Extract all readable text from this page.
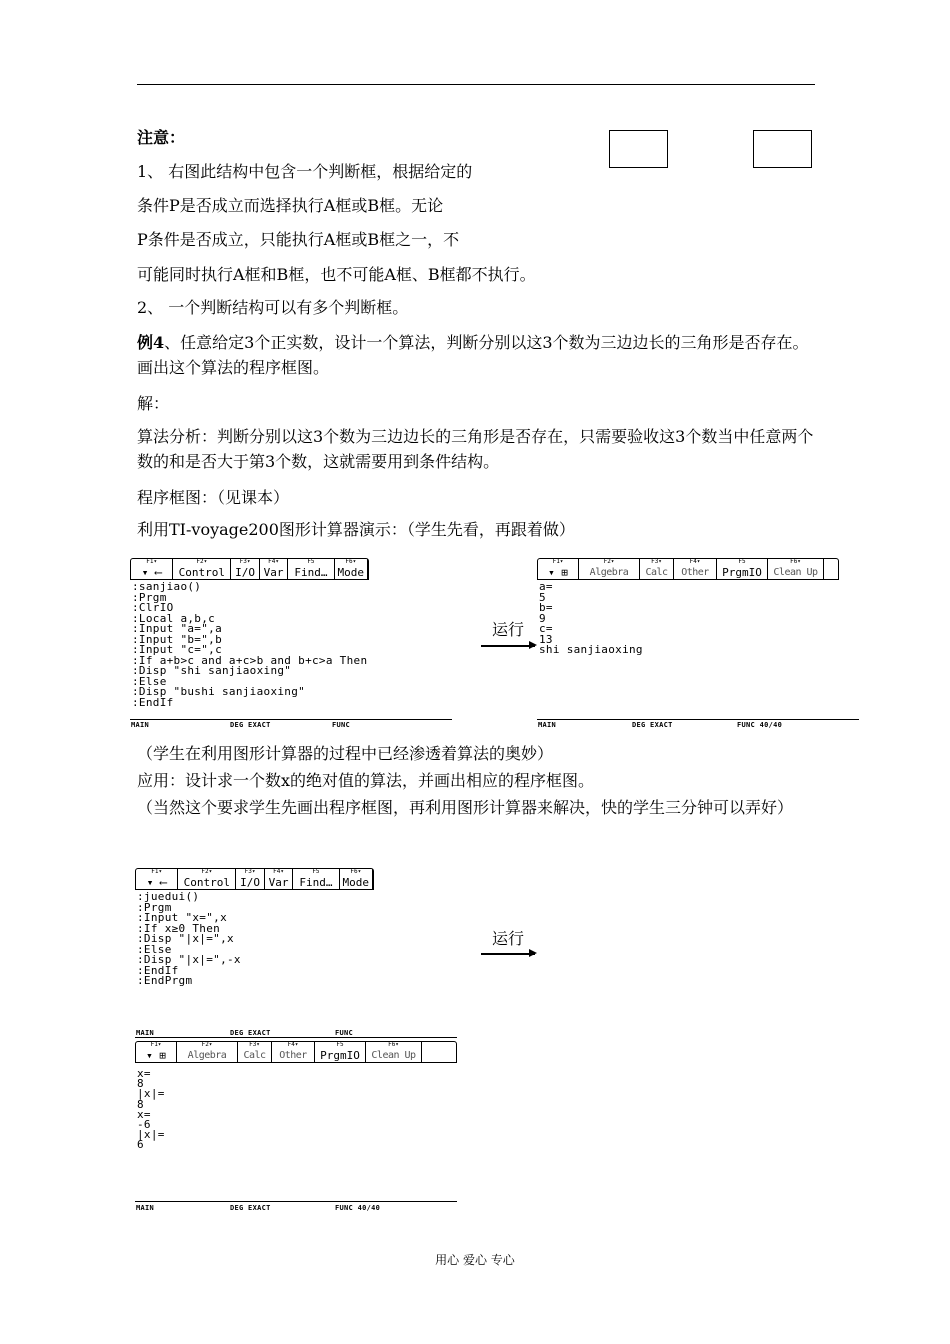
注意：
1、 右图此结构中包含一个判断框，根据给定的
条件P是否成立而选择执行A框或B框。无论
P条件是否成立，只能执行A框或B框之一，不
可能同时执行A框和B框，也不可能A框、B框都不执行。
2、 一个判断结构可以有多个判断框。
例4、任意给定3个正实数，设计一个算法，判断分别以这3个数为三边边长的三角形是否存在。画出这个算法的程序框图。
解：
算法分析：判断分别以这3个数为三边边长的三角形是否存在，只需要验收这3个数当中任意两个数的和是否大于第3个数，这就需要用到条件结构。
程序框图：（见课本）
利用TI-voyage200图形计算器演示：（学生先看，再跟着做）
F1▾
▾ ⟵
F2▾
Control
F3▾
I/O
F4▾
Var
F5
Find…
F6▾
Mode
:sanjiao()
:Prgm
:ClrIO
:Local a,b,c
:Input "a=",a
:Input "b=",b
:Input "c=",c
:If a+b>c and a+c>b and b+c>a Then
:Disp "shi sanjiaoxing"
:Else
:Disp "bushi sanjiaoxing"
:EndIf
MAIN	DEG EXACT	FUNC
运行
F1▾
▾ ⊞
F2▾
Algebra
F3▾
Calc
F4▾
Other
F5
PrgmIO
F6▾
Clean Up
a=
5
b=
9
c=
13
shi sanjiaoxing
MAIN	DEG EXACT	FUNC 40/40
（学生在利用图形计算器的过程中已经渗透着算法的奥妙）
应用：设计求一个数x的绝对值的算法，并画出相应的程序框图。
（当然这个要求学生先画出程序框图，再利用图形计算器来解决，快的学生三分钟可以弄好）
F1▾
▾ ⟵
F2▾
Control
F3▾
I/O
F4▾
Var
F5
Find…
F6▾
Mode
:juedui()
:Prgm
:Input "x=",x
:If x≥0 Then
:Disp "|x|=",x
:Else
:Disp "|x|=",-x
:EndIf
:EndPrgm
运行
MAIN	DEG EXACT	FUNC
F1▾
▾ ⊞
F2▾
Algebra
F3▾
Calc
F4▾
Other
F5
PrgmIO
F6▾
Clean Up
x=
8
|x|=
8
x=
-6
|x|=
6
MAIN	DEG EXACT	FUNC 40/40
用心 爱心 专心
